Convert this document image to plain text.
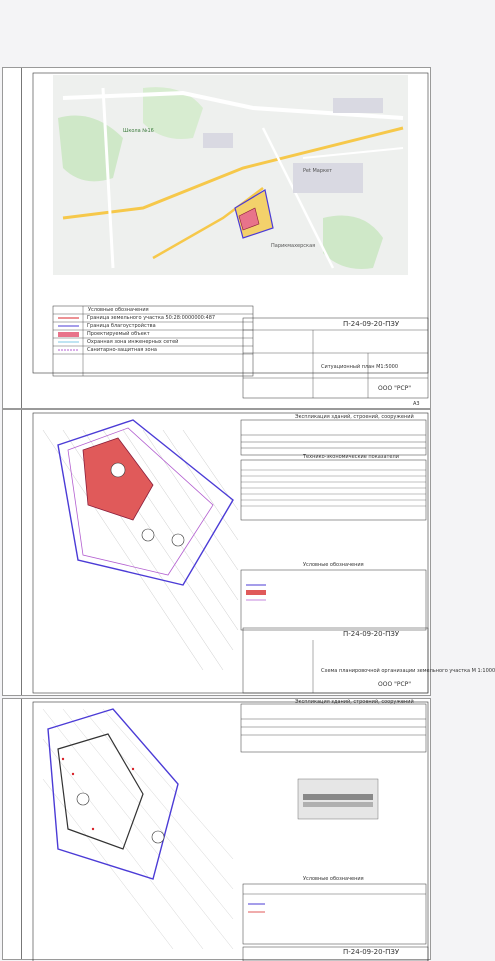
Условные обозначения
Граница земельного участка 50:28:0000000:487
Граница благоустройства
Проектируемый объект
Охранная зона инженерных сетей
Санитарно-защитная зона
П-24-09-20-ПЗУ
Ситуационный план М1:5000
ООО "РСР"
А3
Школа №16
Pet Маркет
Парикмахерская
Экспликация зданий, строений, сооружений
Технико-экономические показатели
Условные обозначения
П-24-09-20-ПЗУ
Схема планировочной организации земельного участка М 1:1000
ООО "РСР"
Экспликация зданий, строений, сооружений
Условные обозначения
П-24-09-20-ПЗУ
